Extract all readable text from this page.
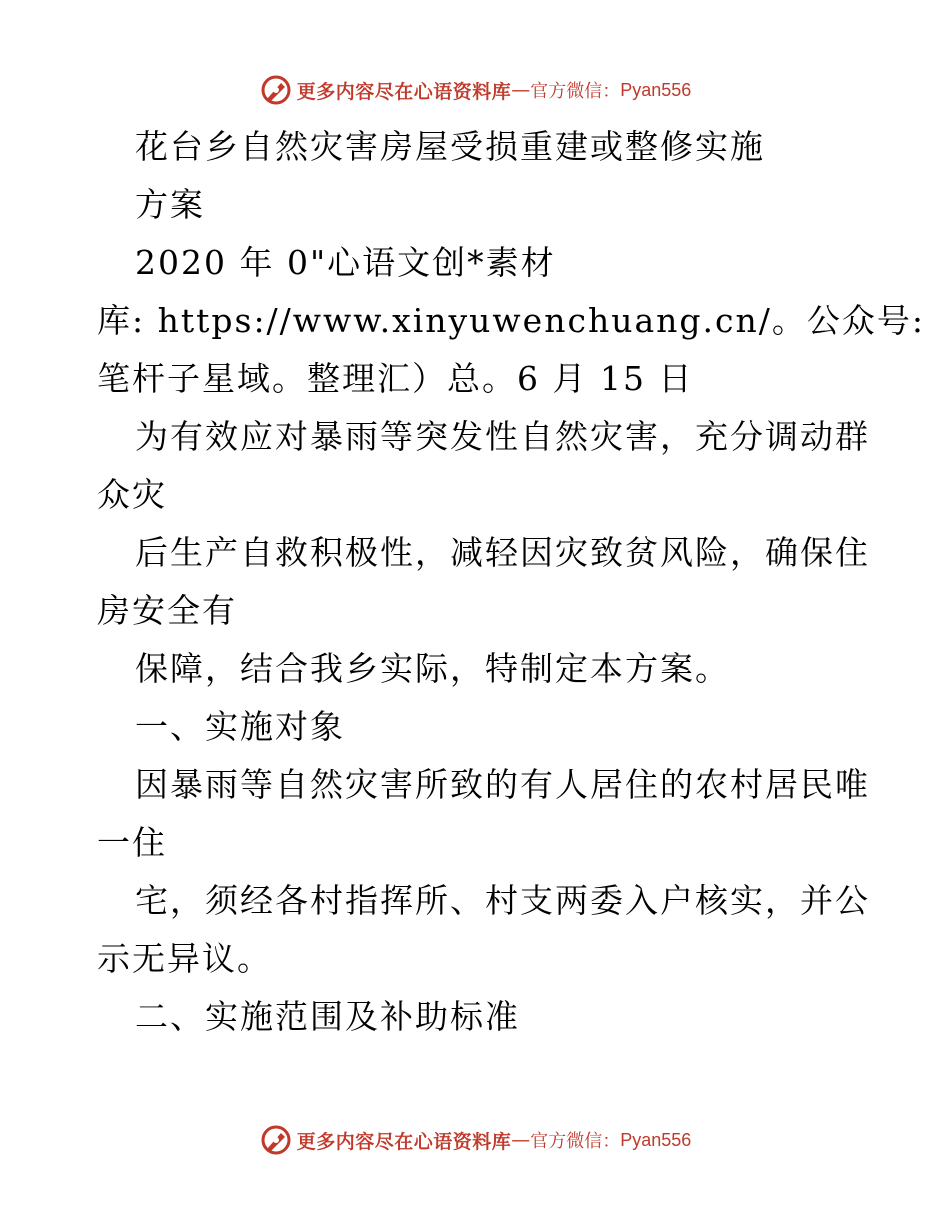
更多内容尽在心语资料库 — 官方微信： Pyan556
花台乡自然灾害房屋受损重建或整修实施
方案
2020 年 0"心语文创*素材
库: https://www.xinyuwenchuang.cn/。公众号:
笔杆子星域。整理汇）总。6 月 15 日
为有效应对暴雨等突发性自然灾害，充分调动群
众灾
后生产自救积极性，减轻因灾致贫风险，确保住
房安全有
保障，结合我乡实际，特制定本方案。
一、实施对象
因暴雨等自然灾害所致的有人居住的农村居民唯
一住
宅，须经各村指挥所、村支两委入户核实，并公
示无异议。
二、实施范围及补助标准
更多内容尽在心语资料库 — 官方微信： Pyan556
